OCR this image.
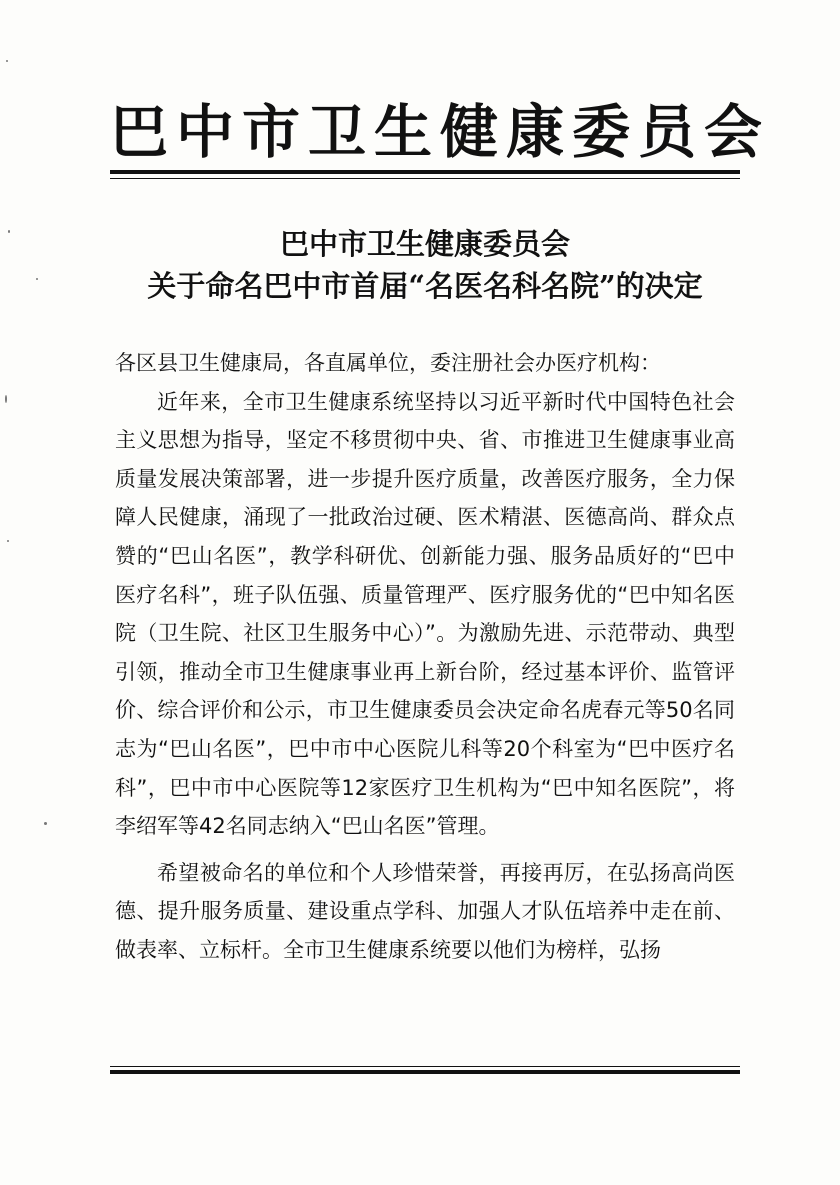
巴中市卫生健康委员会
巴中市卫生健康委员会
关于命名巴中市首届“名医名科名院”的决定

各区县卫生健康局，各直属单位，委注册社会办医疗机构：

近年来，全市卫生健康系统坚持以习近平新时代中国特色社会主义思想为指导，坚定不移贯彻中央、省、市推进卫生健康事业高质量发展决策部署，进一步提升医疗质量，改善医疗服务，全力保障人民健康，涌现了一批政治过硬、医术精湛、医德高尚、群众点赞的“巴山名医”，教学科研优、创新能力强、服务品质好的“巴中医疗名科”，班子队伍强、质量管理严、医疗服务优的“巴中知名医院（卫生院、社区卫生服务中心）”。为激励先进、示范带动、典型引领，推动全市卫生健康事业再上新台阶，经过基本评价、监管评价、综合评价和公示，市卫生健康委员会决定命名虎春元等50名同志为“巴山名医”，巴中市中心医院儿科等20个科室为“巴中医疗名科”，巴中市中心医院等12家医疗卫生机构为“巴中知名医院”，将李绍军等42名同志纳入“巴山名医”管理。

希望被命名的单位和个人珍惜荣誉，再接再厉，在弘扬高尚医德、提升服务质量、建设重点学科、加强人才队伍培养中走在前、做表率、立标杆。全市卫生健康系统要以他们为榜样，弘扬
